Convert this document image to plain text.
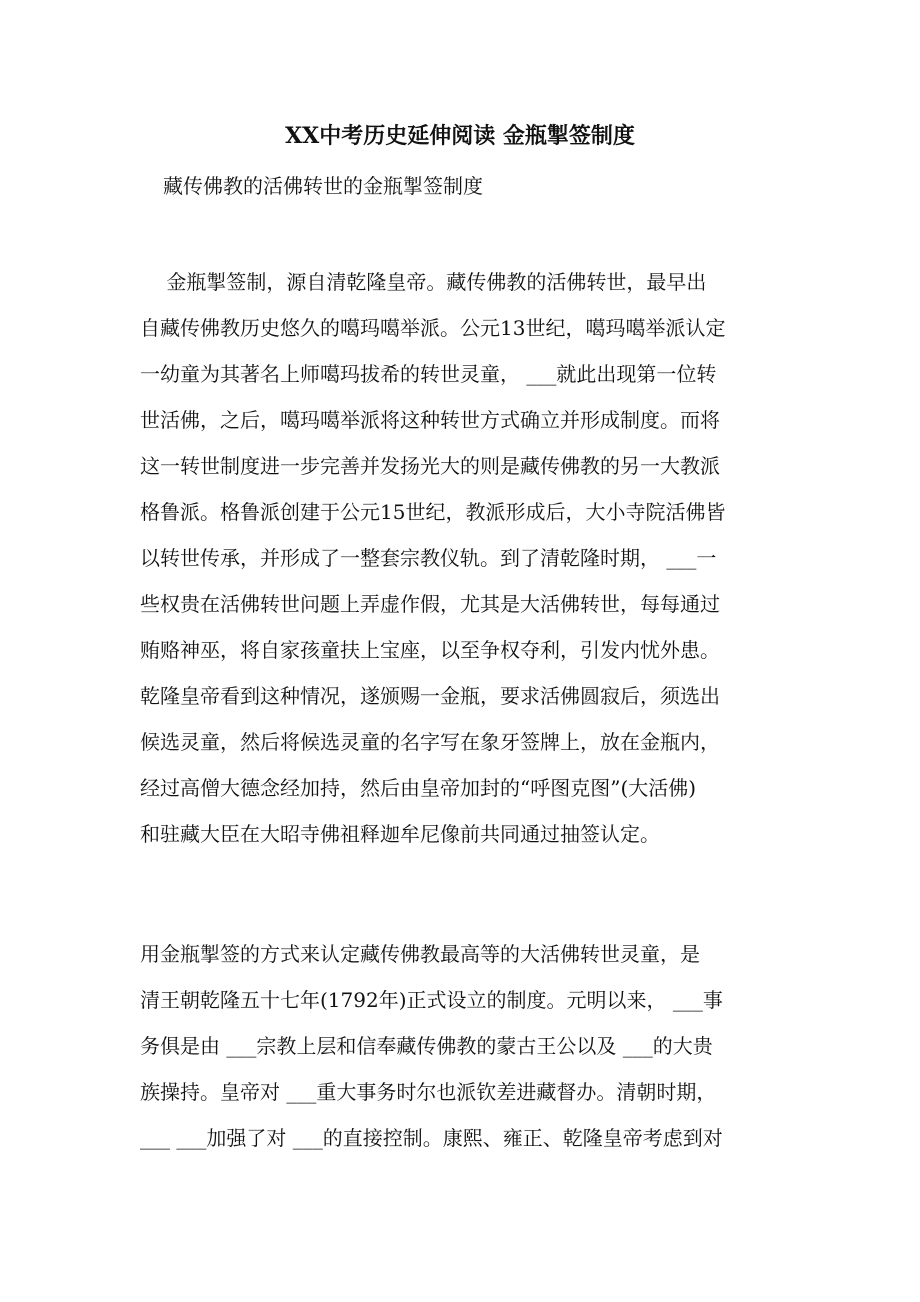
XX中考历史延伸阅读 金瓶掣签制度

藏传佛教的活佛转世的金瓶掣签制度

　 金瓶掣签制，源自清乾隆皇帝。藏传佛教的活佛转世，最早出
自藏传佛教历史悠久的噶玛噶举派。公元13世纪，噶玛噶举派认定
一幼童为其著名上师噶玛拔希的转世灵童， ___就此出现第一位转
世活佛，之后，噶玛噶举派将这种转世方式确立并形成制度。而将
这一转世制度进一步完善并发扬光大的则是藏传佛教的另一大教派
格鲁派。格鲁派创建于公元15世纪，教派形成后，大小寺院活佛皆
以转世传承，并形成了一整套宗教仪轨。到了清乾隆时期， ___一
些权贵在活佛转世问题上弄虚作假，尤其是大活佛转世，每每通过
贿赂神巫，将自家孩童扶上宝座，以至争权夺利，引发内忧外患。
乾隆皇帝看到这种情况，遂颁赐一金瓶，要求活佛圆寂后，须选出
候选灵童，然后将候选灵童的名字写在象牙签牌上，放在金瓶内，
经过高僧大德念经加持，然后由皇帝加封的“呼图克图”(大活佛)
和驻藏大臣在大昭寺佛祖释迦牟尼像前共同通过抽签认定。

用金瓶掣签的方式来认定藏传佛教最高等的大活佛转世灵童，是
清王朝乾隆五十七年(1792年)正式设立的制度。元明以来， ___事
务俱是由 ___宗教上层和信奉藏传佛教的蒙古王公以及 ___的大贵
族操持。皇帝对 ___重大事务时尔也派钦差进藏督办。清朝时期，
___ ___加强了对 ___的直接控制。康熙、雍正、乾隆皇帝考虑到对
